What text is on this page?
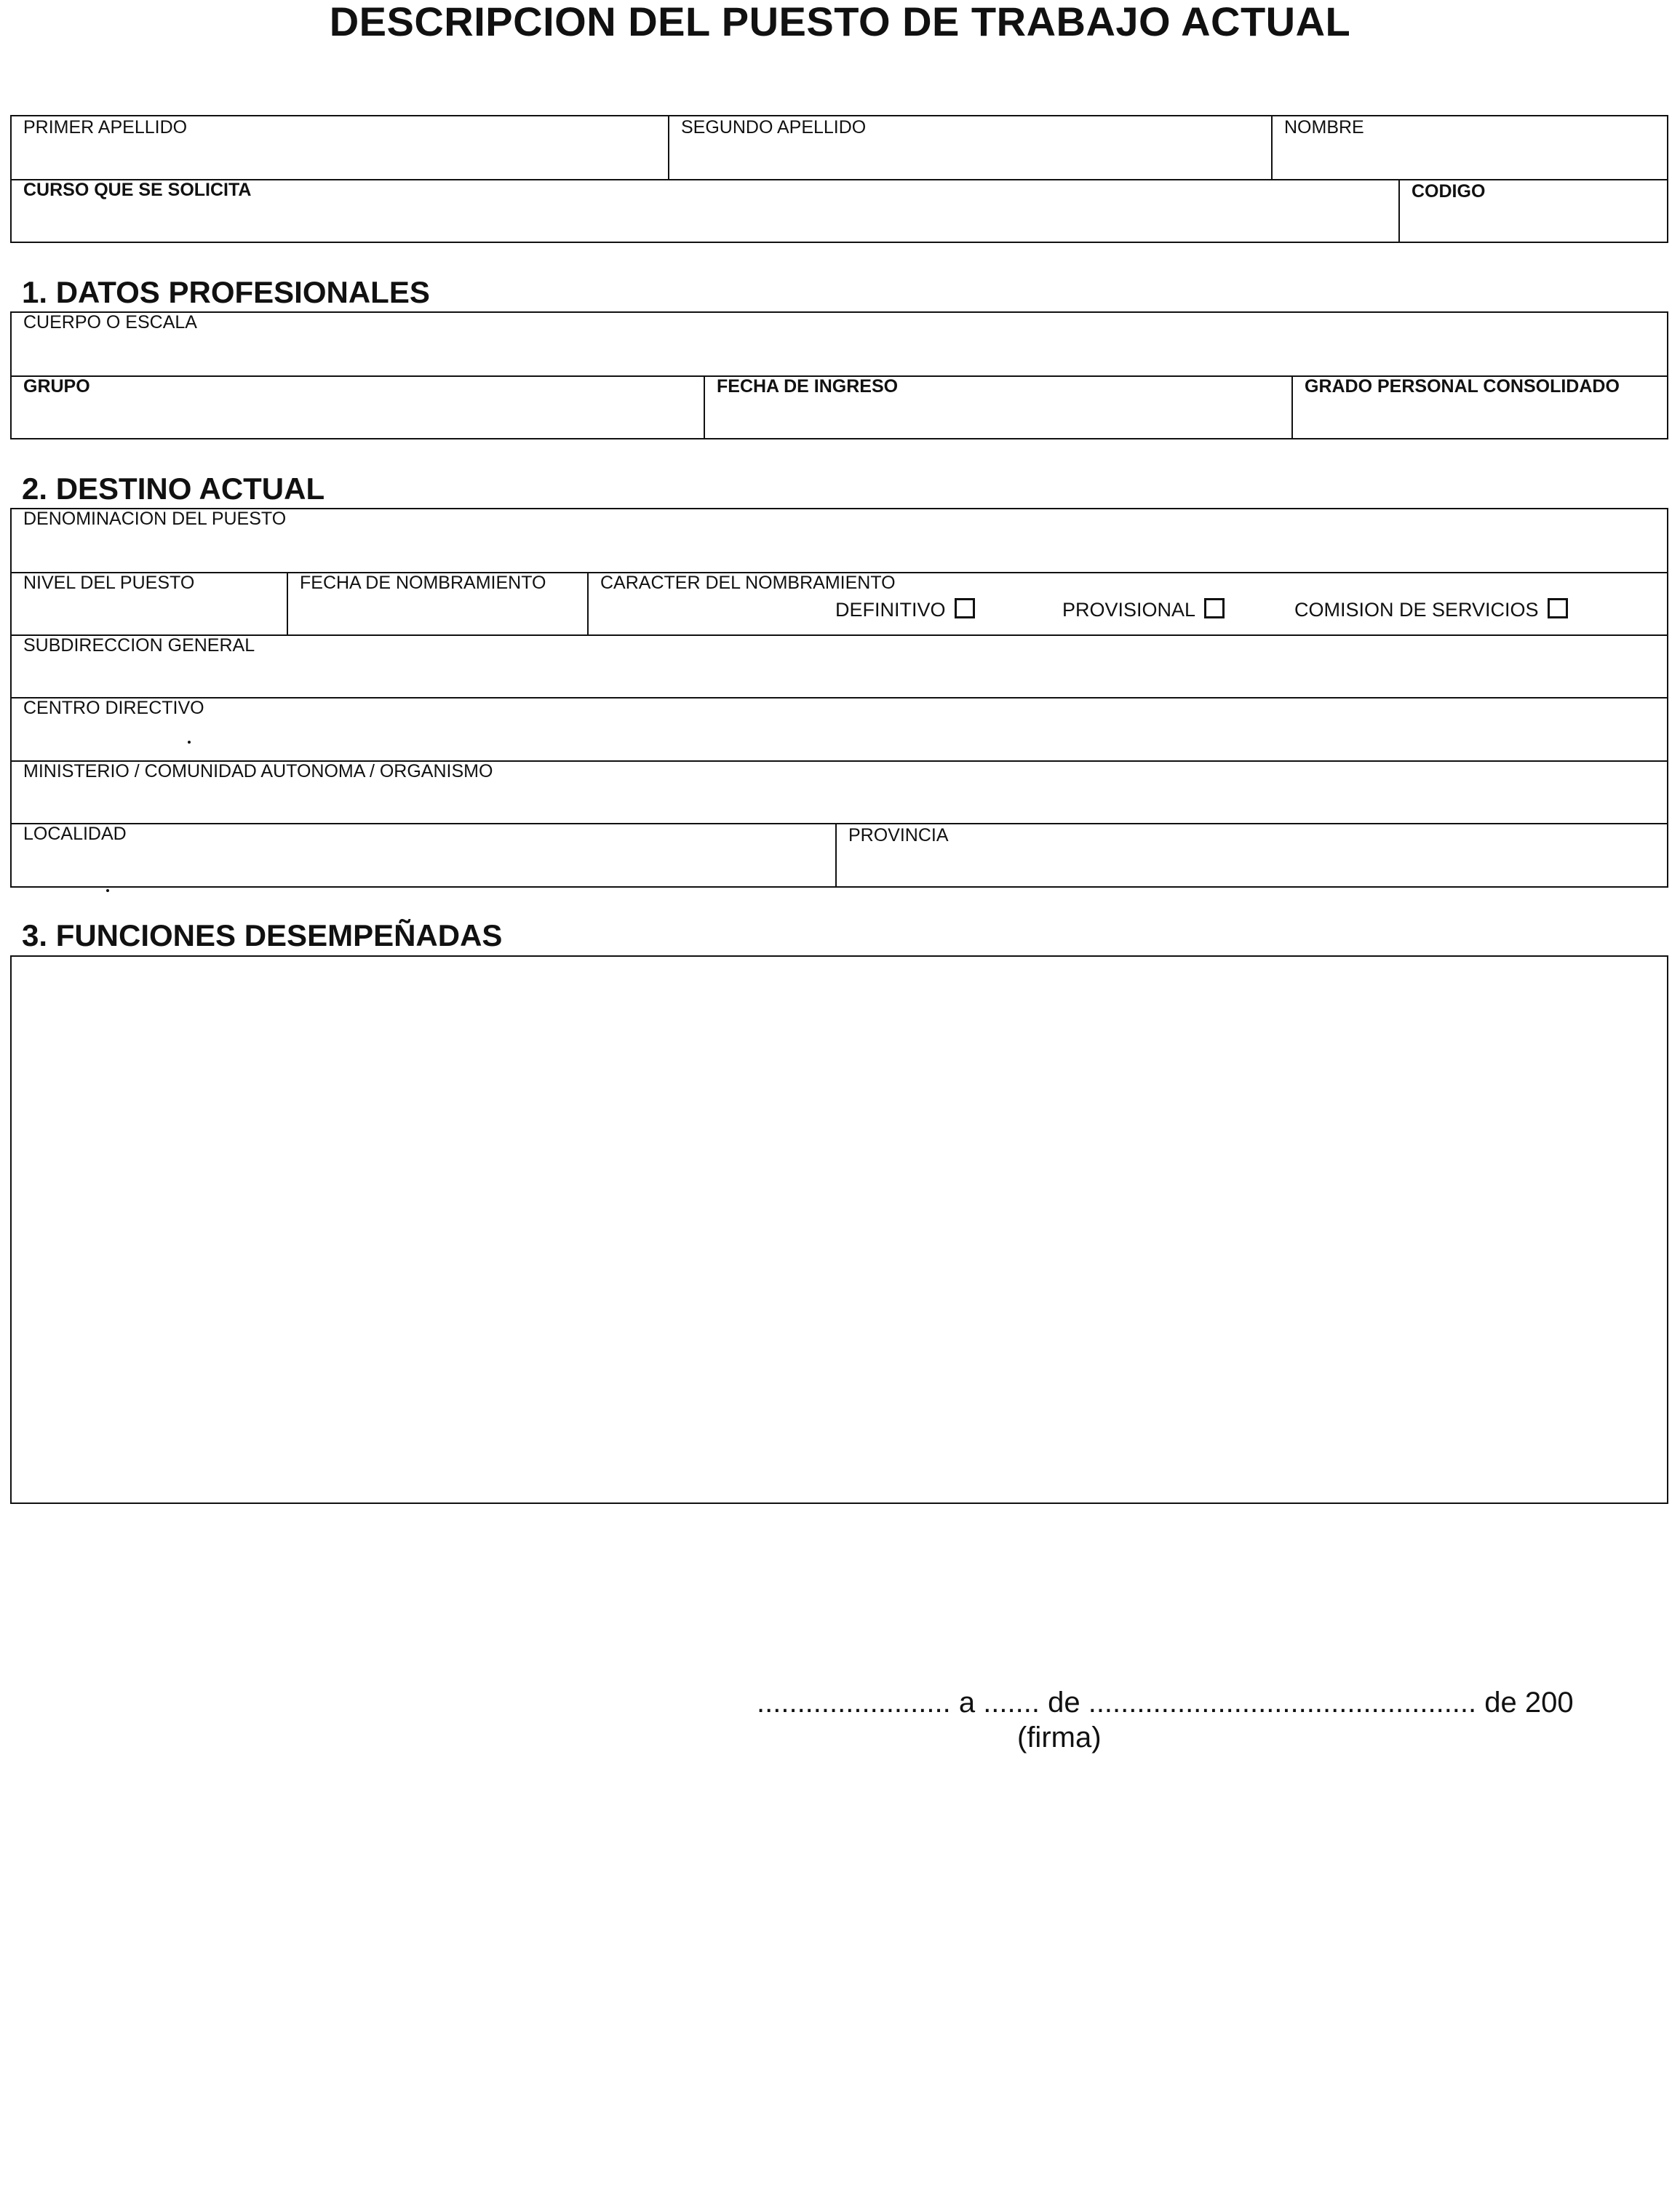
DESCRIPCION DEL PUESTO DE TRABAJO ACTUAL
PRIMER APELLIDO	SEGUNDO APELLIDO	NOMBRE
CURSO QUE SE SOLICITA	CODIGO
1. DATOS PROFESIONALES
CUERPO O ESCALA
GRUPO	FECHA DE INGRESO	GRADO PERSONAL CONSOLIDADO
2. DESTINO ACTUAL
DENOMINACION DEL PUESTO
NIVEL DEL PUESTO	FECHA DE NOMBRAMIENTO	CARACTER DEL NOMBRAMIENTO
DEFINITIVO	PROVISIONAL	COMISION DE SERVICIOS
SUBDIRECCION GENERAL
CENTRO DIRECTIVO
MINISTERIO / COMUNIDAD AUTONOMA / ORGANISMO
LOCALIDAD	PROVINCIA
3. FUNCIONES DESEMPEÑADAS
........................ a ....... de ................................................ de 200
(firma)
